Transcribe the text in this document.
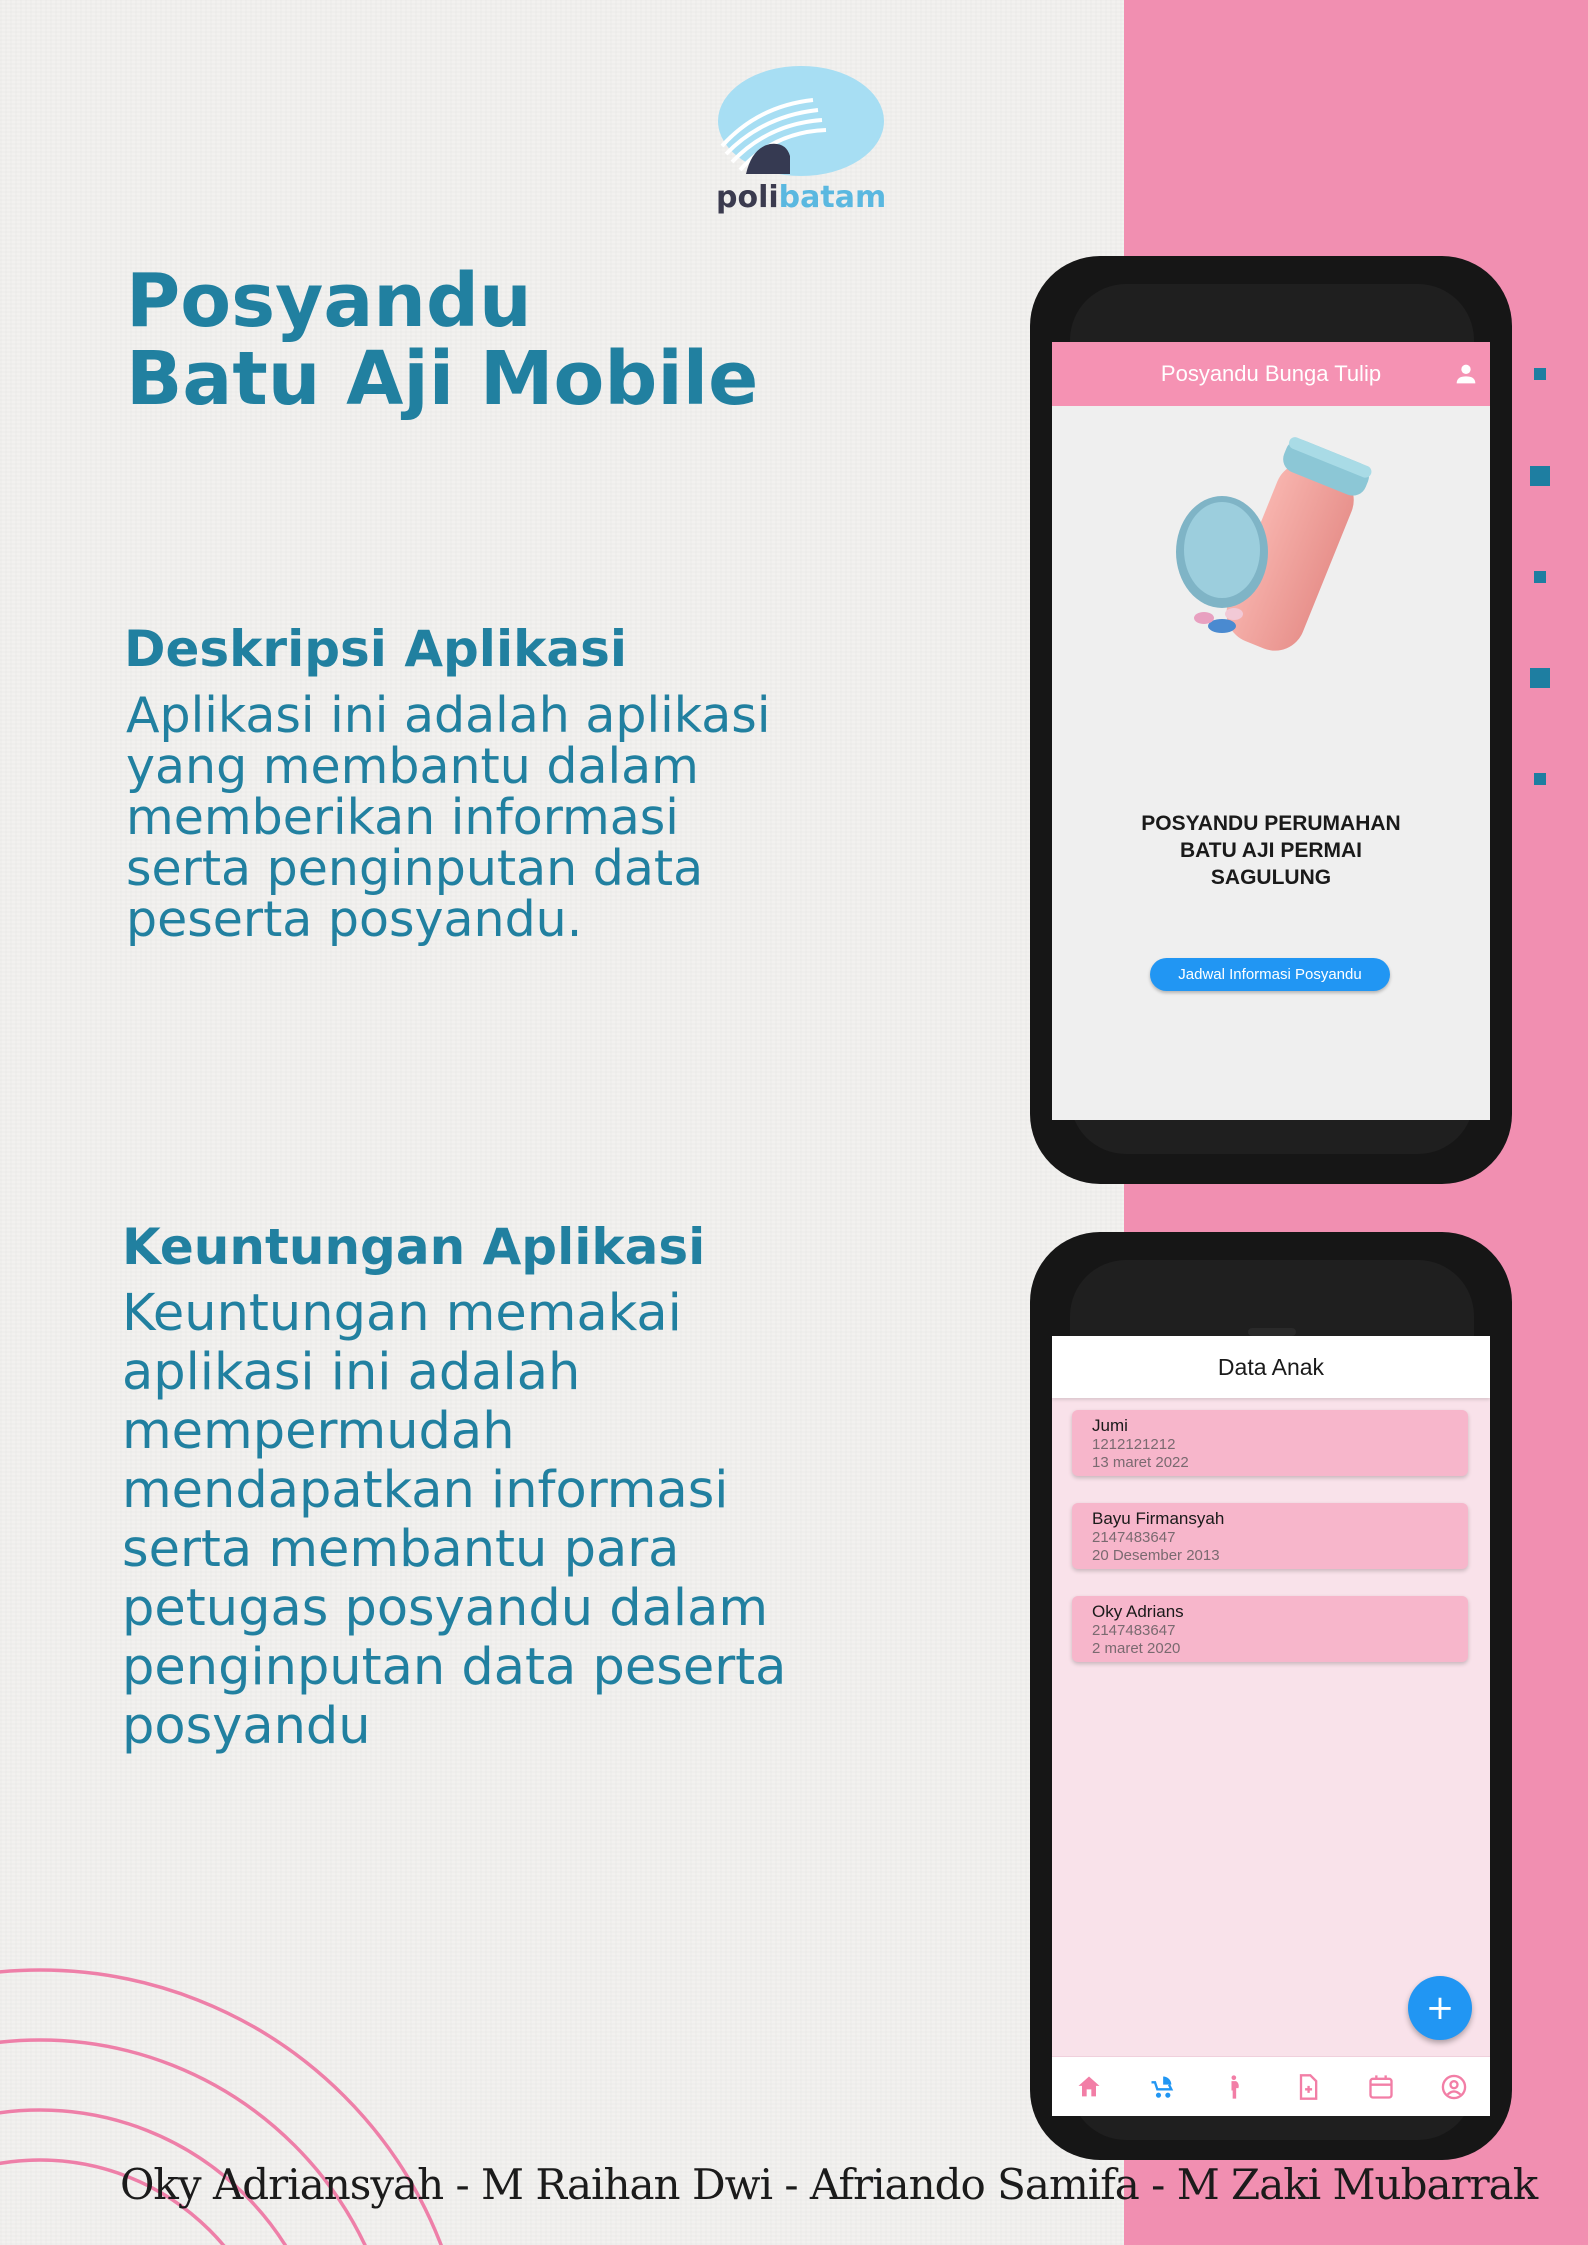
polibatam
Posyandu
Batu Aji Mobile
Deskripsi Aplikasi
Aplikasi ini adalah aplikasi
yang membantu dalam
memberikan informasi
serta penginputan data
peserta posyandu.
Keuntungan Aplikasi
Keuntungan memakai
aplikasi ini adalah
mempermudah
mendapatkan informasi
serta membantu para
petugas posyandu dalam
penginputan data peserta
posyandu
Posyandu Bunga Tulip
POSYANDU PERUMAHAN
BATU AJI PERMAI
SAGULUNG
Jadwal Informasi Posyandu
Data Anak
Jumi
1212121212
13 maret 2022
Bayu Firmansyah
2147483647
20 Desember 2013
Oky Adrians
2147483647
2 maret 2020
+
Oky Adriansyah - M Raihan Dwi - Afriando Samifa - M Zaki Mubarrak
